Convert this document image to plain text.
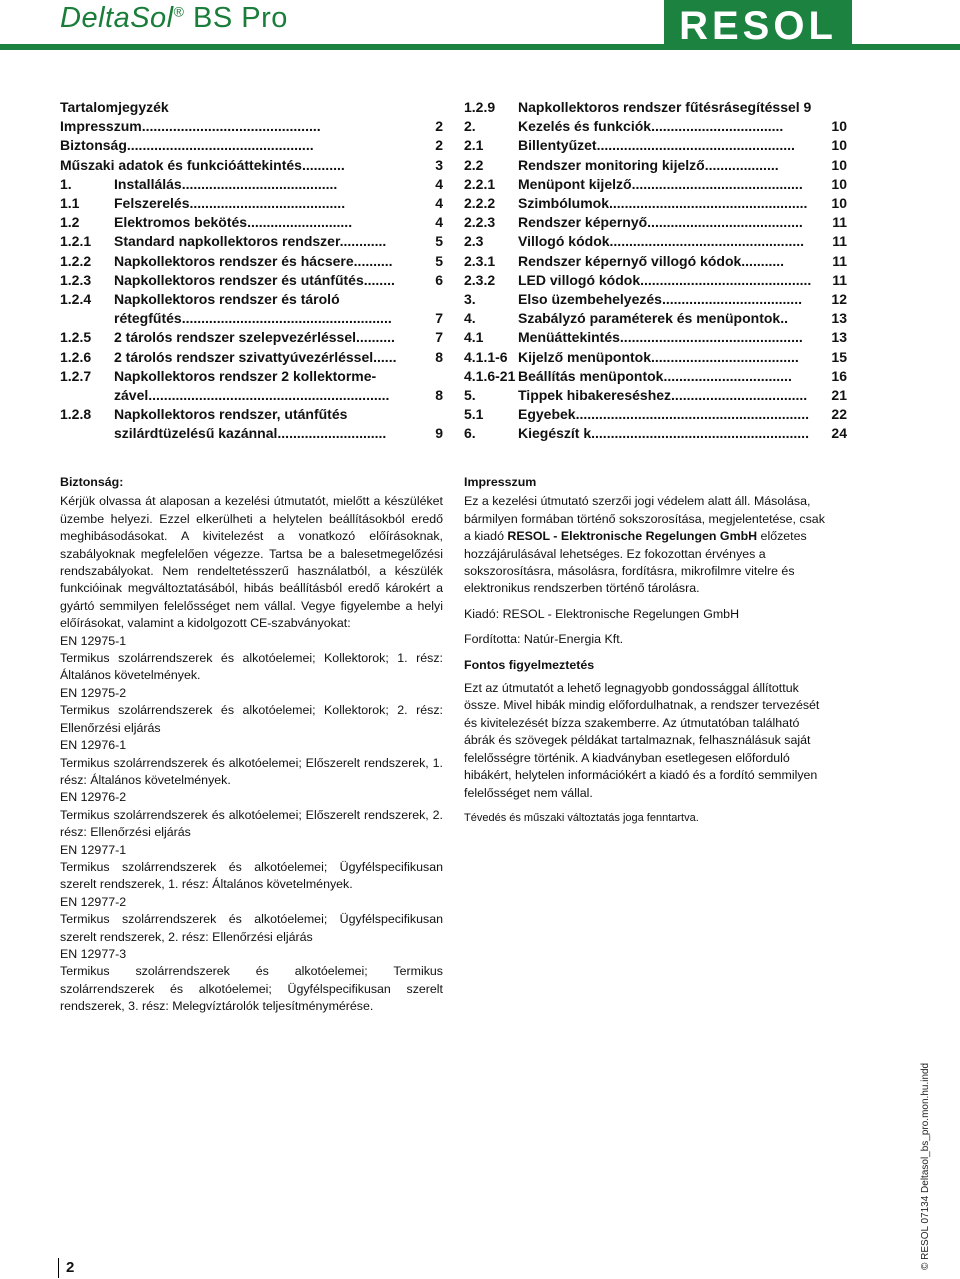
DeltaSol® BS Pro	RESOL
R
Tartalomjegyzék
Impresszum..............................................	2
Biztonság................................................	2
Műszaki adatok és funkcióáttekintés...........	3
1.	Installálás........................................	4
1.1 Felszerelés........................................	4
1.2 Elektromos bekötés...........................	4
1.2.1 Standard napkollektoros rendszer............	5
1.2.2 Napkollektoros rendszer és hácsere..........	5
1.2.3 Napkollektoros rendszer és utánfűtés........	6
1.2.4 Napkollektoros rendszer és tároló
rétegfűtés......................................................	7
1.2.5 2 tárolós rendszer szelepvezérléssel..........	7
1.2.6 2 tárolós rendszer szivattyúvezérléssel......	8
1.2.7 Napkollektoros rendszer 2 kollektorme-
zável..............................................................	8
1.2.8 Napkollektoros rendszer, utánfűtés
szilárdtüzelésű kazánnal............................	9
1.2.9 Napkollektoros rendszer fűtésrásegítéssel 9
2.	Kezelés és funkciók..................................	10
2.1 Billentyűzet...................................................	10
2.2 Rendszer monitoring kijelző...................	10
2.2.1 Menüpont kijelző............................................ 10
2.2.2 Szimbólumok................................................... 10
2.2.3 Rendszer képernyő........................................ 11
2.3 Villogó kódok.................................................. 11
2.3.1 Rendszer képernyő villogó kódok...........	11
2.3.2 LED villogó kódok............................................ 11
3.	Elso üzembehelyezés.................................... 12
4.	Szabályzó paraméterek és menüpontok..	13
4.1 Menüáttekintés............................................... 13
4.1.1-6 Kijelző menüpontok...................................... 15
4.1.6-21 Beállítás menüpontok.................................	16
5.	Tippek hibakereséshez................................... 21
5.1 Egyebek............................................................ 22
6.	Kiegészít k........................................................ 24
Biztonság:

Kérjük olvassa át alaposan a kezelési útmutatót, mielőtt a készüléket üzembe helyezi. Ezzel elkerülheti a helytelen beállításokból eredő meghibásodásokat. A kivitelezést a vonatkozó előírásoknak, szabályoknak megfelelően végezze. Tartsa be a balesetmegelőzési rendszabályokat. Nem rendeltetésszerű használatból, a készülék funkcióinak megváltoztatásából, hibás beállításból eredő károkért a gyártó semmilyen felelősséget nem vállal. Vegye figyelembe a helyi előírásokat, valamint a kidolgozott CE-szabványokat:

EN 12975-1

Termikus szolárrendszerek és alkotóelemei; Kollektorok; 1. rész: Általános követelmények.

EN 12975-2

Termikus szolárrendszerek és alkotóelemei; Kollektorok; 2. rész: Ellenőrzési eljárás

EN 12976-1

Termikus szolárrendszerek és alkotóelemei; Előszerelt rendszerek, 1. rész: Általános követelmények.

EN 12976-2

Termikus szolárrendszerek és alkotóelemei; Előszerelt rendszerek, 2. rész: Ellenőrzési eljárás

EN 12977-1

Termikus szolárrendszerek és alkotóelemei; Ügyfélspecifikusan szerelt rendszerek, 1. rész: Általános követelmények.

EN 12977-2

Termikus szolárrendszerek és alkotóelemei; Ügyfélspecifikusan szerelt rendszerek, 2. rész: Ellenőrzési eljárás

EN 12977-3

Termikus szolárrendszerek és alkotóelemei; Termikus szolárrendszerek és alkotóelemei; Ügyfélspecifikusan szerelt rendszerek, 3. rész: Melegvíztárolók teljesítménymérése.

Impresszum

Ez a kezelési útmutató szerzői jogi védelem alatt áll. Másolása, bármilyen formában történő sokszorosítása, megjelentetése, csak a kiadó RESOL - Elektronische Regelungen GmbH előzetes hozzájárulásával lehetséges. Ez fokozottan érvényes a sokszorosításra, másolásra, fordításra, mikrofilmre vitelre és elektronikus rendszerben történő tárolásra.

Kiadó: RESOL - Elektronische Regelungen GmbH

Fordította: Natúr-Energia Kft.

Fontos figyelmeztetés

Ezt az útmutatót a lehető legnagyobb gondossággal állítottuk össze. Mivel hibák mindig előfordulhatnak, a rendszer tervezését és kivitelezését bízza szakemberre. Az útmutatóban található ábrák és szövegek példákat tartalmaznak, felhasználásuk saját felelősségre történik. A kiadványban esetlegesen előforduló hibákért, helytelen információkért a kiadó és a fordító semmilyen felelősséget nem vállal.

Tévedés és műszaki változtatás joga fenntartva.

© RESOL 07134 Deltasol_bs_pro.mon.hu.indd
2
